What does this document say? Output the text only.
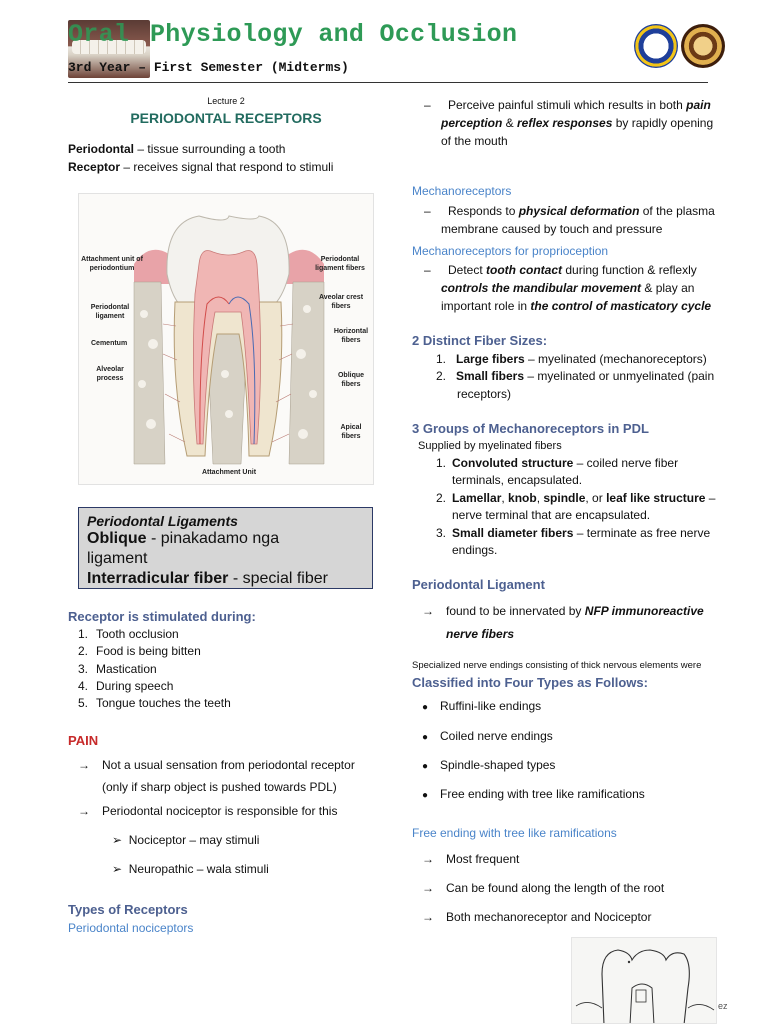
Oral Physiology and Occlusion
3rd Year – First Semester (Midterms)
Lecture 2
PERIODONTAL RECEPTORS
Periodontal – tissue surrounding a tooth
Receptor – receives signal that respond to stimuli
Attachment unit of periodontium
Periodontal ligament fibers
Periodontal ligament
Aveolar crest fibers
Cementum
Horizontal fibers
Alveolar process	Oblique fibers
Apical fibers
Attachment Unit
Periodontal Ligaments
Oblique - pinakadamo nga
ligament
Interradicular fiber - special fiber
Receptor is stimulated during:
1. Tooth occlusion
2. Food is being bitten
3. Mastication
4. During speech
5. Tongue touches the teeth
PAIN
→ Not a usual sensation from periodontal receptor
(only if sharp object is pushed towards PDL)
→ Periodontal nociceptor is responsible for this
➢  Nociceptor – may stimuli
➢  Neuropathic – wala stimuli
Types of Receptors
Periodontal nociceptors
– Perceive painful stimuli which results in both pain
perception & reflex responses by rapidly opening
Mechanoreceptors
– Responds to physical deformation of the plasma
membrane caused by touch and pressure
Mechanoreceptors for proprioception
– Detect tooth contact during function & reflexly
controls the mandibular movement & play an
important role in the control of masticatory cycle
2 Distinct Fiber Sizes:
1. Large fibers – myelinated (mechanoreceptors)
2. Small fibers – myelinated or unmyelinated (pain
receptors)
3 Groups of Mechanoreceptors in PDL
Supplied by myelinated fibers
1. Convoluted structure – coiled nerve fiber
terminals, encapsulated.
2. Lamellar, knob, spindle, or leaf like structure –
nerve terminal that are encapsulated.
3. Small diameter fibers – terminate as free nerve
endings.
Periodontal Ligament
→ found to be innervated by NFP immunoreactive
nerve fibers
Specialized nerve endings consisting of thick nervous elements were
Classified into Four Types as Follows:
● Ruffini-like endings
● Coiled nerve endings
● Spindle-shaped types
● Free ending with tree like ramifications
Free ending with tree like ramifications
→ Most frequent
→ Can be found along the length of the root
→ Both mechanoreceptor and Nociceptor
ez
of the mouth
